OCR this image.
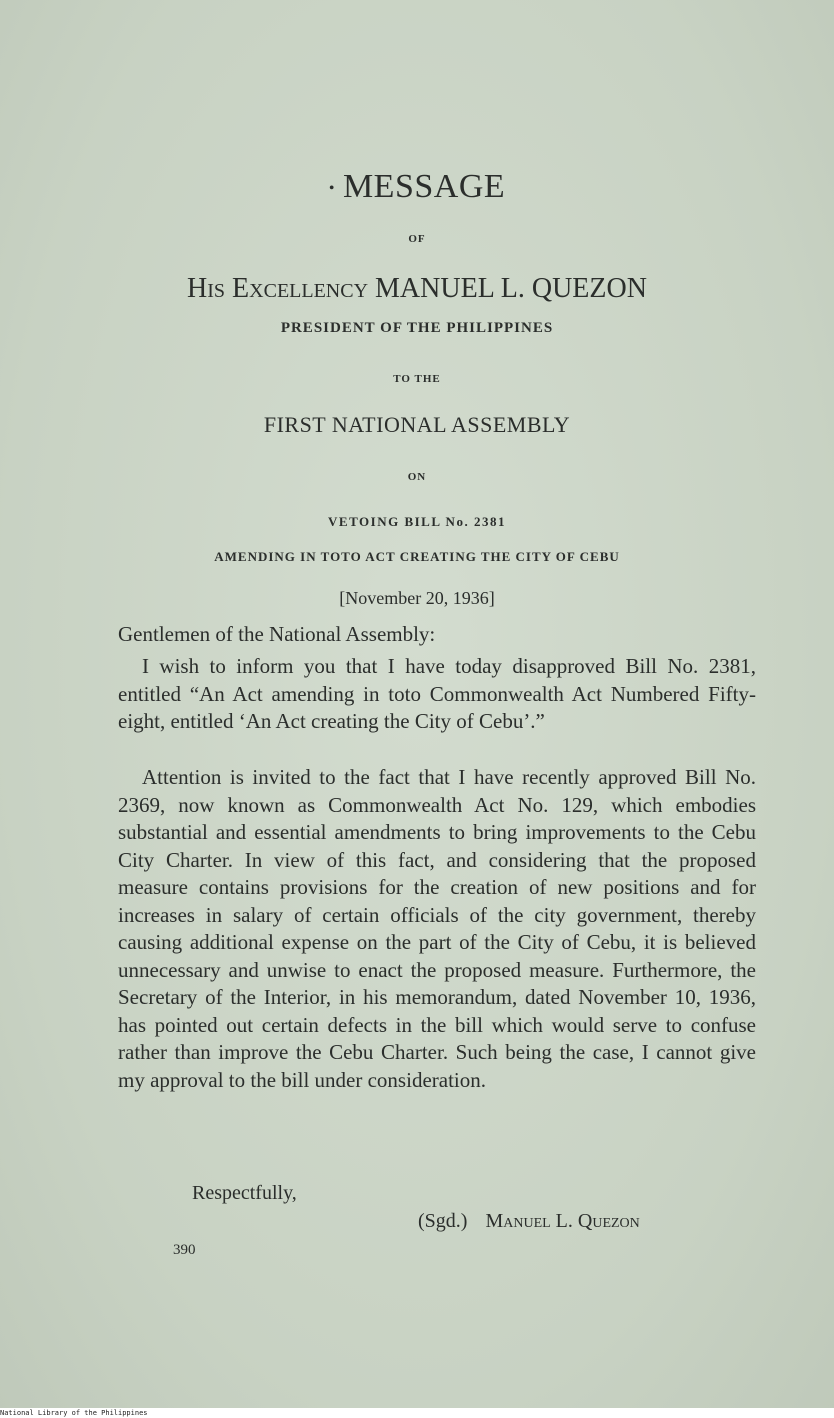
• MESSAGE
OF
His Excellency MANUEL L. QUEZON
PRESIDENT OF THE PHILIPPINES
TO THE
FIRST NATIONAL ASSEMBLY
ON
VETOING BILL No. 2381
AMENDING IN TOTO ACT CREATING THE CITY OF CEBU
[November 20, 1936]
Gentlemen of the National Assembly:

I wish to inform you that I have today disapproved Bill No. 2381, entitled “An Act amending in toto Commonwealth Act Numbered Fifty-eight, entitled ‘An Act creating the City of Cebu’.”

Attention is invited to the fact that I have recently approved Bill No. 2369, now known as Commonwealth Act No. 129, which embodies substantial and essential amendments to bring improvements to the Cebu City Charter. In view of this fact, and considering that the proposed measure contains provisions for the creation of new positions and for increases in salary of certain officials of the city government, thereby causing additional expense on the part of the City of Cebu, it is believed unnecessary and unwise to enact the proposed measure. Furthermore, the Secretary of the Interior, in his memorandum, dated November 10, 1936, has pointed out certain defects in the bill which would serve to confuse rather than improve the Cebu Charter. Such being the case, I cannot give my approval to the bill under consideration.

Respectfully,
(Sgd.) Manuel L. Quezon
390
National Library of the Philippines
